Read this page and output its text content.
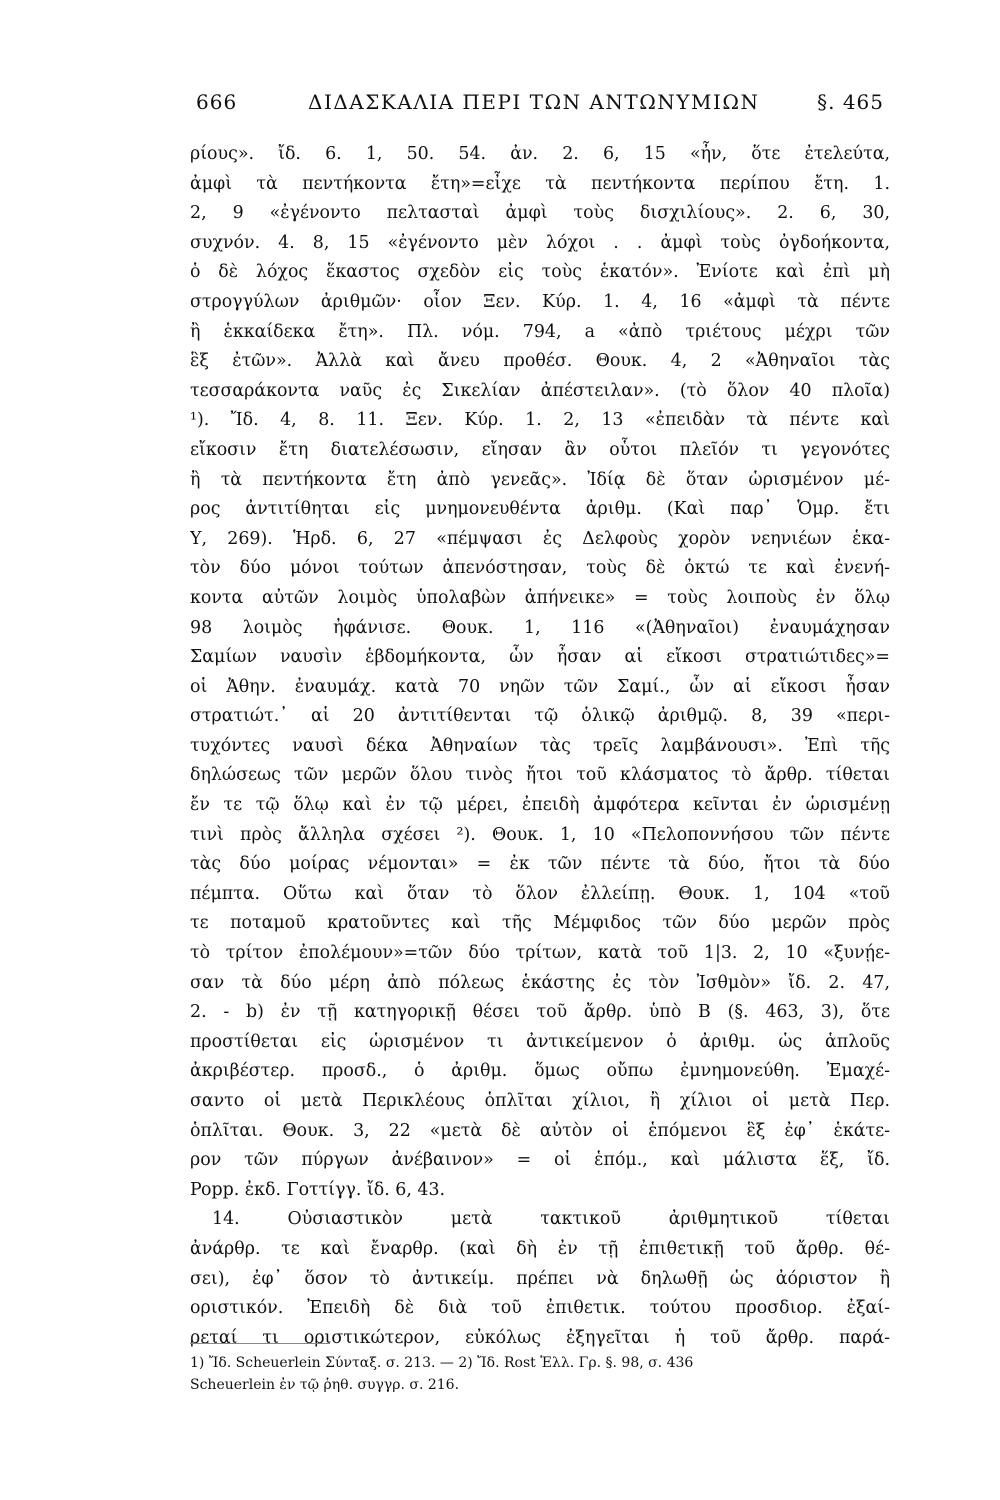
666	ΔΙΔΑΣΚΑΛΙΑ ΠΕΡΙ ΤΩΝ ΑΝΤΩΝΥΜΙΩΝ	§. 465
ρίους». ἴδ. 6. 1, 50. 54. ἀν. 2. 6, 15 «ἦν, ὅτε ἐτελεύτα,
ἀμφὶ τὰ πεντήκοντα ἔτη»=εἶχε τὰ πεντήκοντα περίπου ἔτη. 1.
2, 9 «ἐγένοντο πελτασταὶ ἀμφὶ τοὺς δισχιλίους». 2. 6, 30,
συχνόν. 4. 8, 15 «ἐγένοντο μὲν λόχοι . . ἀμφὶ τοὺς ὀγδοήκοντα,
ὁ δὲ λόχος ἕκαστος σχεδὸν εἰς τοὺς ἑκατόν». Ἐνίοτε καὶ ἐπὶ μὴ
στρογγύλων ἀριθμῶν· οἷον Ξεν. Κύρ. 1. 4, 16 «ἀμφὶ τὰ πέντε
ἢ ἑκκαίδεκα ἔτη». Πλ. νόμ. 794, a «ἀπὸ τριέτους μέχρι τῶν
ἓξ ἐτῶν». Ἀλλὰ καὶ ἄνευ προθέσ. Θουκ. 4, 2 «Ἀθηναῖοι τὰς
τεσσαράκοντα ναῦς ἐς Σικελίαν ἀπέστειλαν». (τὸ ὅλον 40 πλοῖα)
¹). Ἴδ. 4, 8. 11. Ξεν. Κύρ. 1. 2, 13 «ἐπειδὰν τὰ πέντε καὶ
εἴκοσιν ἔτη διατελέσωσιν, εἴησαν ἂν οὗτοι πλεῖόν τι γεγονότες
ἢ τὰ πεντήκοντα ἔτη ἀπὸ γενεᾶς». Ἰδίᾳ δὲ ὅταν ὡρισμένον μέ-
ρος ἀντιτίθηται εἰς μνημονευθέντα ἀριθμ. (Καὶ παρ᾽ Ὁμρ. ἔτι
Υ, 269). Ἡρδ. 6, 27 «πέμψασι ἐς Δελφοὺς χορὸν νεηνιέων ἑκα-
τὸν δύο μόνοι τούτων ἀπενόστησαν, τοὺς δὲ ὀκτώ τε καὶ ἐνενή-
κοντα αὐτῶν λοιμὸς ὑπολαβὼν ἀπήνεικε» = τοὺς λοιποὺς ἐν ὅλῳ
98 λοιμὸς ἠφάνισε. Θουκ. 1, 116 «(Ἀθηναῖοι) ἐναυμάχησαν
Σαμίων ναυσὶν ἑβδομήκοντα, ὧν ἦσαν αἱ εἴκοσι στρατιώτιδες»=
οἱ Ἀθην. ἐναυμάχ. κατὰ 70 νηῶν τῶν Σαμί., ὧν αἱ εἴκοσι ἦσαν
στρατιώτ.᾽ αἱ 20 ἀντιτίθενται τῷ ὁλικῷ ἀριθμῷ. 8, 39 «περι-
τυχόντες ναυσὶ δέκα Ἀθηναίων τὰς τρεῖς λαμβάνουσι». Ἐπὶ τῆς
δηλώσεως τῶν μερῶν ὅλου τινὸς ἤτοι τοῦ κλάσματος τὸ ἄρθρ. τίθεται
ἔν τε τῷ ὅλῳ καὶ ἐν τῷ μέρει, ἐπειδὴ ἀμφότερα κεῖνται ἐν ὡρισμένῃ
τινὶ πρὸς ἄλληλα σχέσει ²). Θουκ. 1, 10 «Πελοποννήσου τῶν πέντε
τὰς δύο μοίρας νέμονται» = ἐκ τῶν πέντε τὰ δύο, ἤτοι τὰ δύο
πέμπτα. Οὕτω καὶ ὅταν τὸ ὅλον ἐλλείπῃ. Θουκ. 1, 104 «τοῦ
τε ποταμοῦ κρατοῦντες καὶ τῆς Μέμφιδος τῶν δύο μερῶν πρὸς
τὸ τρίτον ἐπολέμουν»=τῶν δύο τρίτων, κατὰ τοῦ 1|3. 2, 10 «ξυνῄε-
σαν τὰ δύο μέρη ἀπὸ πόλεως ἑκάστης ἐς τὸν Ἰσθμὸν» ἴδ. 2. 47,
2. - b) ἐν τῇ κατηγορικῇ θέσει τοῦ ἄρθρ. ὑπὸ B (§. 463, 3), ὅτε
προστίθεται εἰς ὡρισμένον τι ἀντικείμενον ὁ ἀριθμ. ὡς ἁπλοῦς
ἀκριβέστερ. προσδ., ὁ ἀριθμ. ὅμως οὔπω ἐμνημονεύθη. Ἐμαχέ-
σαντο οἱ μετὰ Περικλέους ὁπλῖται χίλιοι, ἢ χίλιοι οἱ μετὰ Περ.
ὁπλῖται. Θουκ. 3, 22 «μετὰ δὲ αὐτὸν οἱ ἑπόμενοι ἓξ ἐφ᾽ ἑκάτε-
ρον τῶν πύργων ἀνέβαινον» = οἱ ἑπόμ., καὶ μάλιστα ἕξ, ἴδ.
Popp. ἐκδ. Γοττίγγ. ἴδ. 6, 43.
14. Οὐσιαστικὸν μετὰ τακτικοῦ ἀριθμητικοῦ τίθεται
ἀνάρθρ. τε καὶ ἔναρθρ. (καὶ δὴ ἐν τῇ ἐπιθετικῇ τοῦ ἄρθρ. θέ-
σει), ἐφ᾽ ὅσον τὸ ἀντικείμ. πρέπει νὰ δηλωθῇ ὡς ἀόριστον ἢ
οριστικόν. Ἐπειδὴ δὲ διὰ τοῦ ἐπιθετικ. τούτου προσδιορ. ἐξαί-
ρεταί τι οριστικώτερον, εὐκόλως ἐξηγεῖται ἡ τοῦ ἄρθρ. παρά-
1) Ἴδ. Scheuerlein Σύνταξ. σ. 213. — 2) Ἴδ. Rost Ἑλλ. Γρ. §. 98, σ. 436
Scheuerlein ἐν τῷ ῥηθ. συγγρ. σ. 216.
